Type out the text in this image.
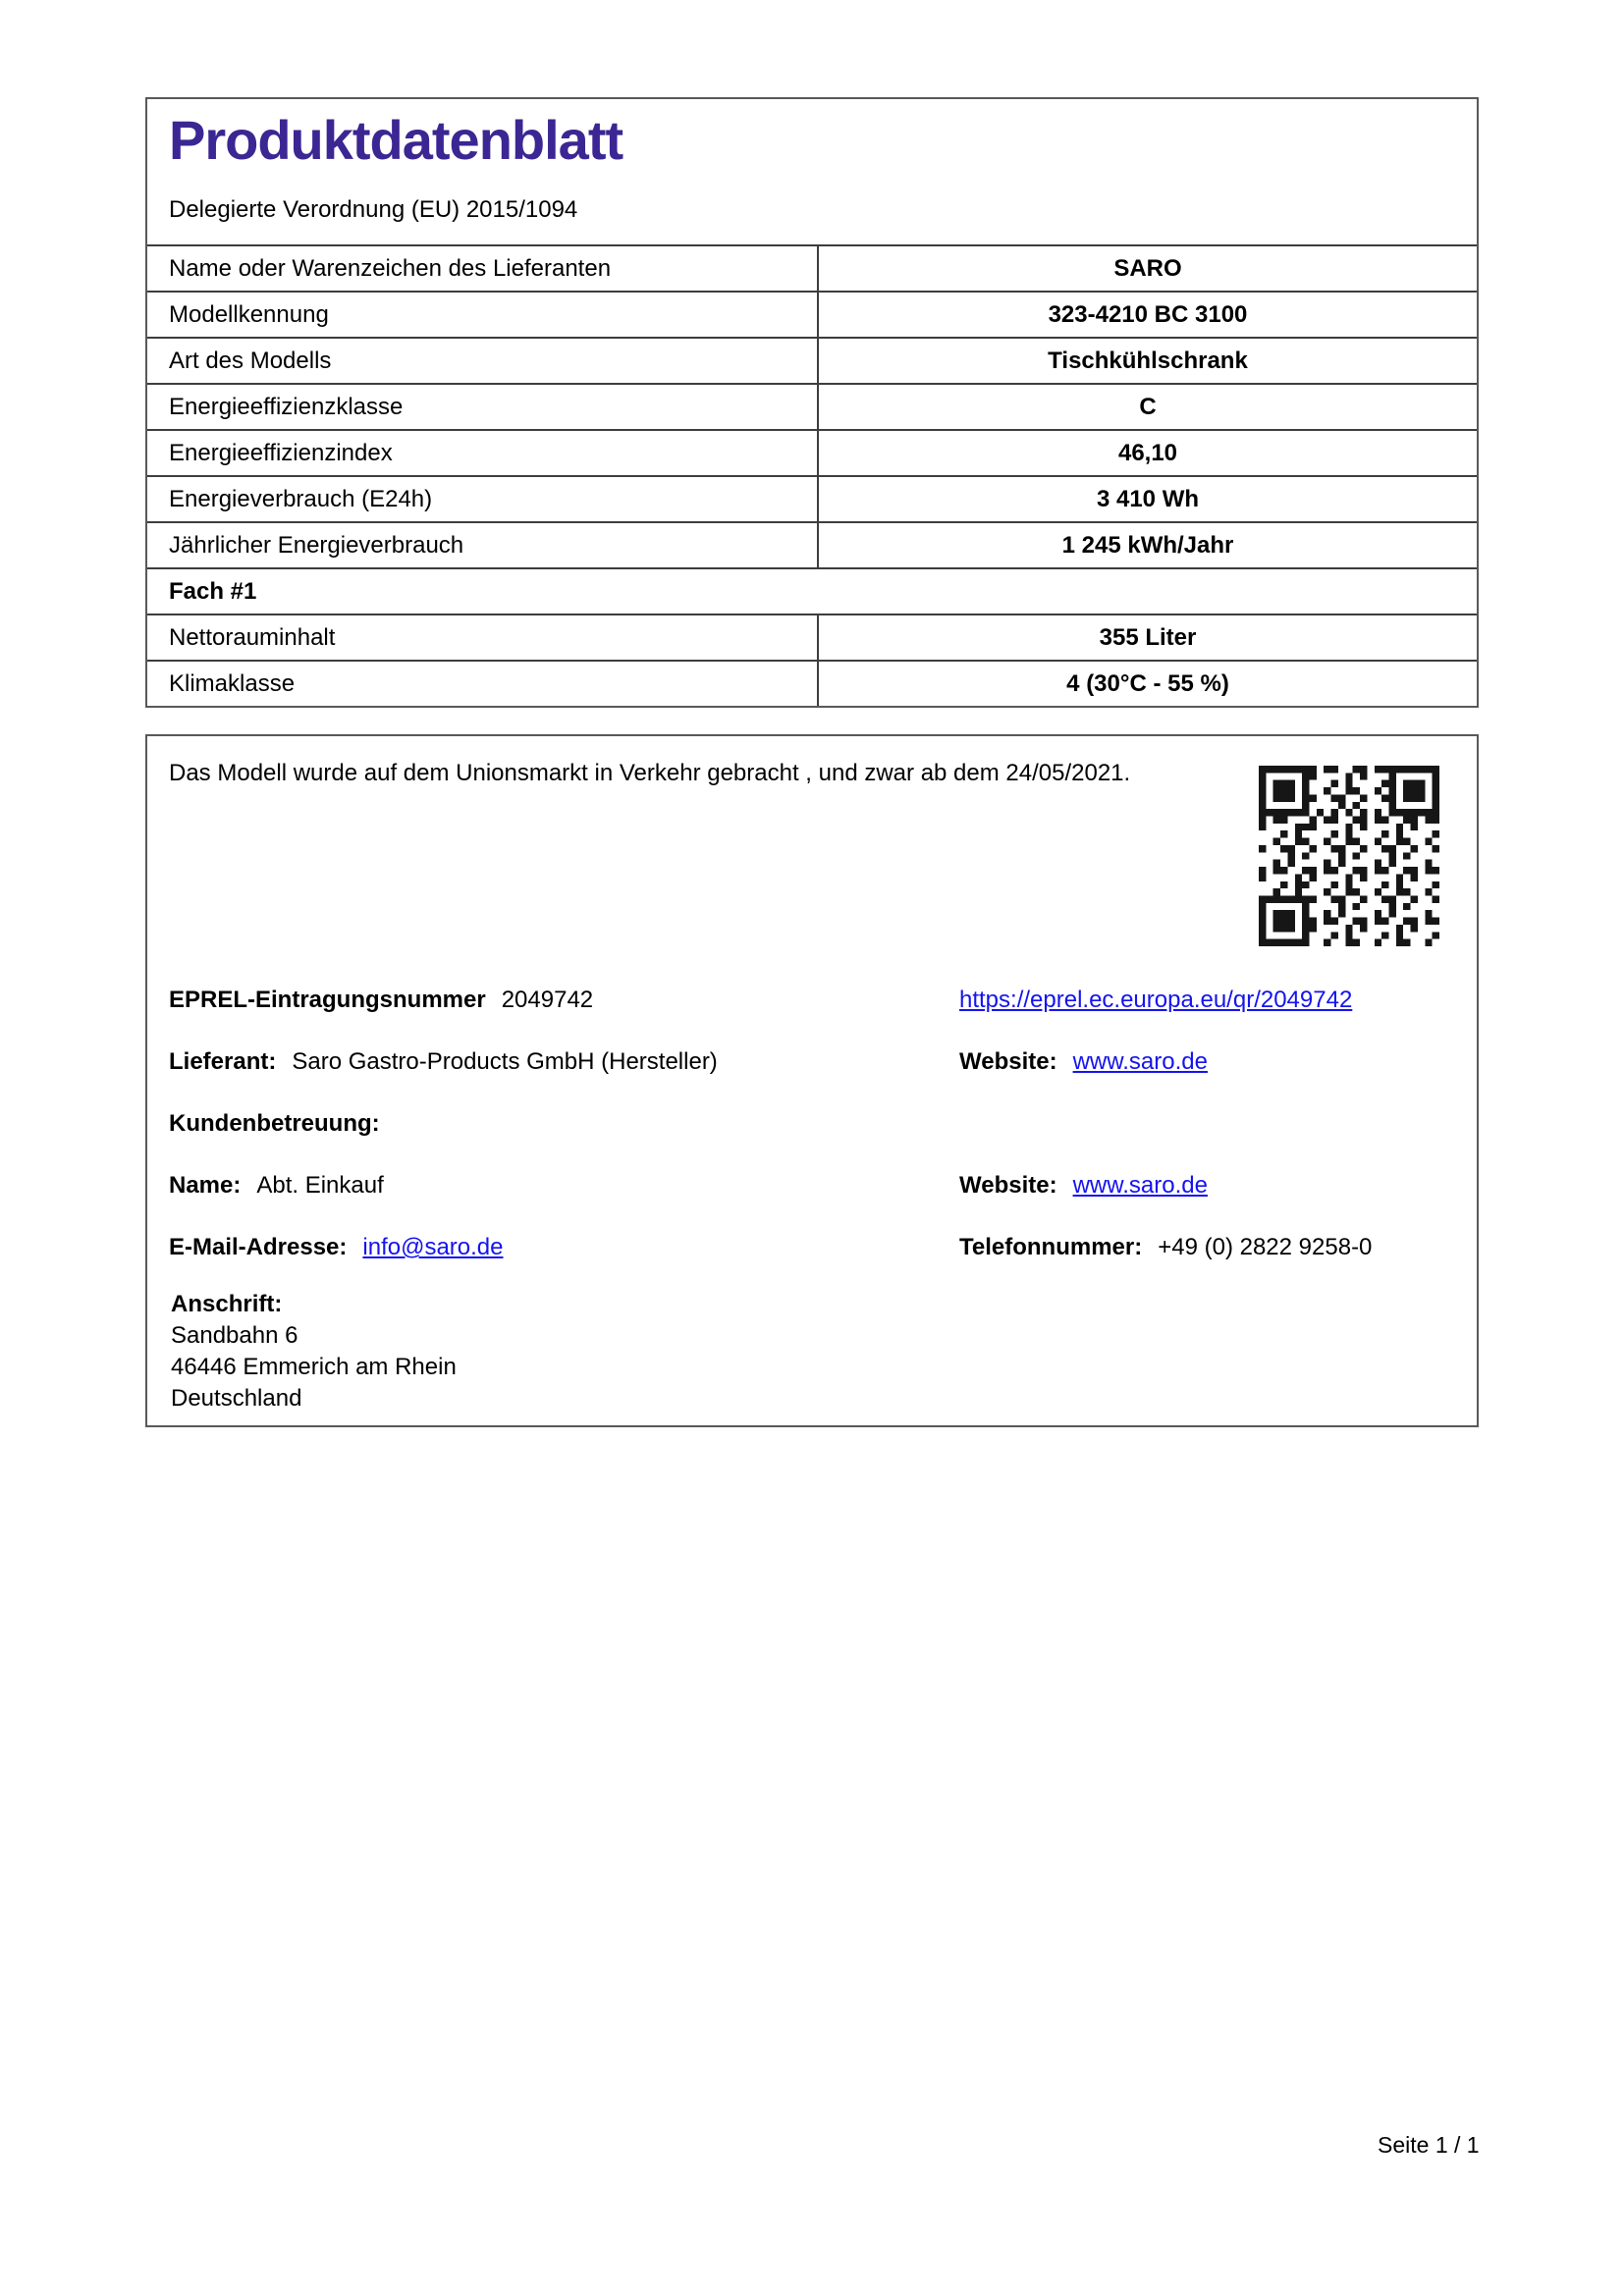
Produktdatenblatt
Delegierte Verordnung (EU) 2015/1094
Name oder Warenzeichen des Lieferanten	SARO
Modellkennung	323-4210 BC 3100
Art des Modells	Tischkühlschrank
Energieeffizienzklasse	C
Energieeffizienzindex	46,10
Energieverbrauch (E24h)	3 410 Wh
Jährlicher Energieverbrauch	1 245 kWh/Jahr
Fach #1
Nettorauminhalt	355 Liter
Klimaklasse	4 (30°C - 55 %)
Das Modell wurde auf dem Unionsmarkt in Verkehr gebracht , und zwar ab dem 24/05/2021.
EPREL-Eintragungsnummer 2049742	https://eprel.ec.europa.eu/qr/2049742
Lieferant: Saro Gastro-Products GmbH (Hersteller)	Website: www.saro.de
Kundenbetreuung:
Name: Abt. Einkauf	Website: www.saro.de
E-Mail-Adresse: info@saro.de	Telefonnummer: +49 (0) 2822 9258-0
Anschrift:
Sandbahn 6
46446 Emmerich am Rhein
Deutschland
Seite 1 / 1
